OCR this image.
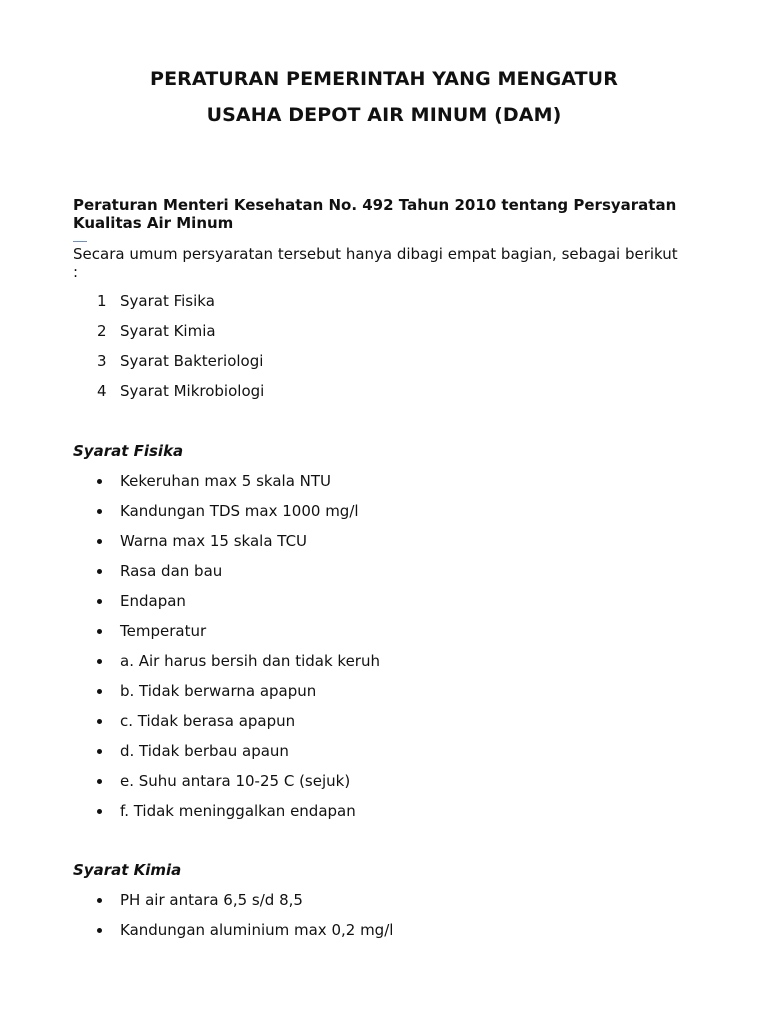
PERATURAN PEMERINTAH YANG MENGATUR
USAHA DEPOT AIR MINUM (DAM)

Peraturan Menteri Kesehatan No. 492 Tahun 2010 tentang Persyaratan Kualitas Air Minum

Secara umum persyaratan tersebut hanya dibagi empat bagian, sebagai berikut :

1 Syarat Fisika
2 Syarat Kimia
3 Syarat Bakteriologi
4 Syarat Mikrobiologi
Syarat Fisika
Kekeruhan max 5 skala NTU
Kandungan TDS max 1000 mg/l
Warna max 15 skala TCU
Rasa dan bau
Endapan
Temperatur
a. Air harus bersih dan tidak keruh
b. Tidak berwarna apapun
c. Tidak berasa apapun
d. Tidak berbau apaun
e. Suhu antara 10-25 C (sejuk)
f. Tidak meninggalkan endapan
Syarat Kimia
PH air antara 6,5 s/d 8,5
Kandungan aluminium max 0,2 mg/l
